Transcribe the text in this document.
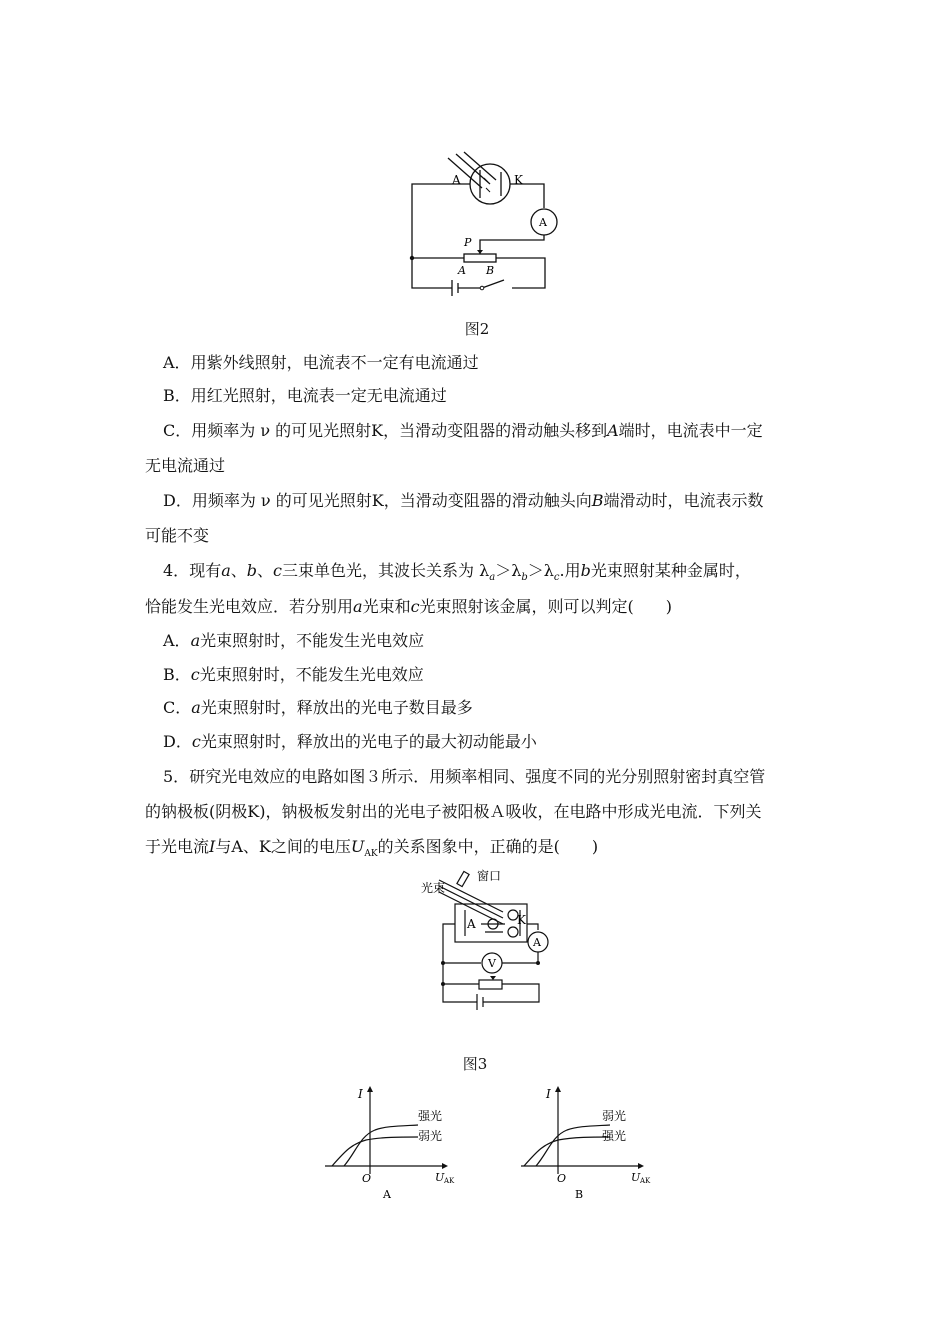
A	K
A
P
A B
图2
A．用紫外线照射，电流表不一定有电流通过
B．用红光照射，电流表一定无电流通过
C．用频率为 ν 的可见光照射K，当滑动变阻器的滑动触头移到A端时，电流表中一定
无电流通过
D．用频率为 ν 的可见光照射K，当滑动变阻器的滑动触头向B端滑动时，电流表示数
可能不变
4．现有a、b、c三束单色光，其波长关系为 $\lambda_a>\lambda_b>\lambda_c$.用b光束照射某种金属时，
恰能发生光电效应．若分别用a光束和c光束照射该金属，则可以判定(　　)
A．a光束照射时，不能发生光电效应
B．c光束照射时，不能发生光电效应
C．a光束照射时，释放出的光电子数目最多
D．c光束照射时，释放出的光电子的最大初动能最小
5．研究光电效应的电路如图３所示．用频率相同、强度不同的光分别照射密封真空管
的钠极板(阴极K)，钠极板发射出的光电子被阳极Ａ吸收，在电路中形成光电流．下列关
于光电流I与A、K之间的电压$U_{AK}$的关系图象中，正确的是(　　)
光束
窗口
A	K
A
V
图3
I
O	U AK
强光
弱光
A
I
O	U AK
弱光
强光
B
